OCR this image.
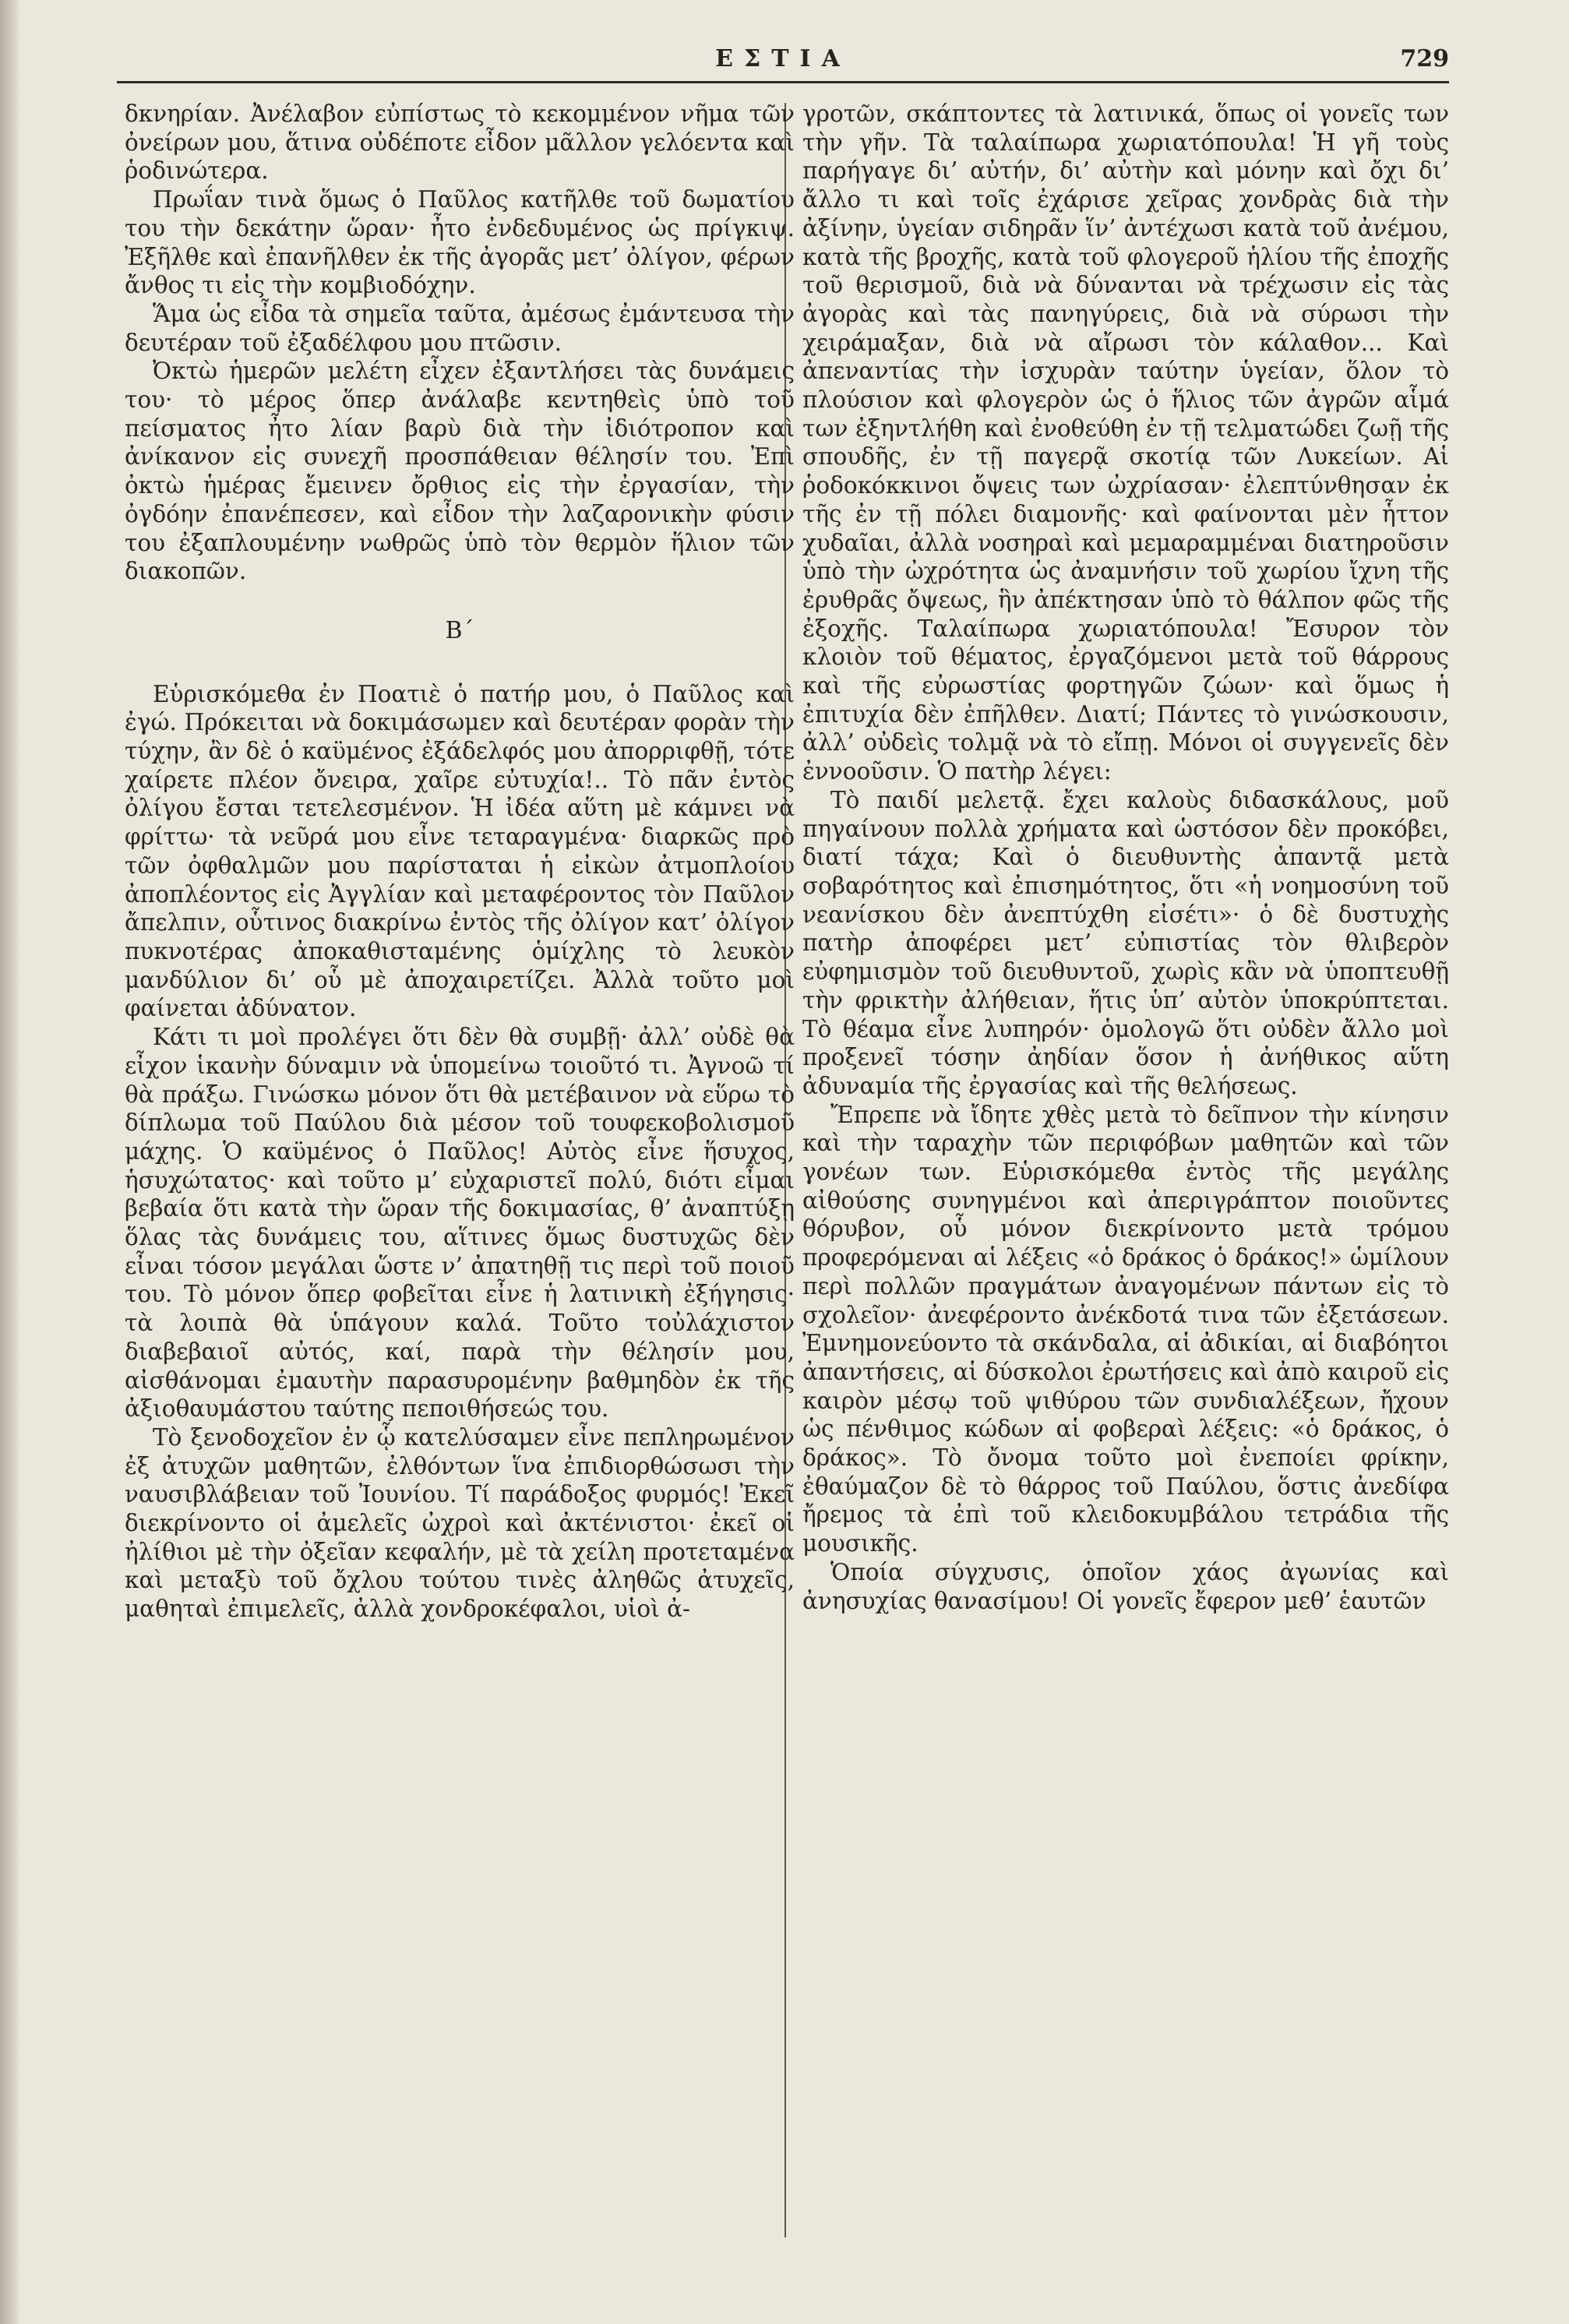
ΕΣΤΙΑ	729

δκνηρίαν. Ἀνέλαβον εὐπίστως τὸ κεκομμένον νῆμα τῶν ὀνείρων μου, ἅτινα οὐδέποτε εἶδον μᾶλλον γελόεντα καὶ ῥοδινώτερα.

Πρωΐαν τινὰ ὅμως ὁ Παῦλος κατῆλθε τοῦ δωματίου του τὴν δεκάτην ὥραν· ἦτο ἐνδεδυμένος ὡς πρίγκιψ. Ἐξῆλθε καὶ ἐπανῆλθεν ἐκ τῆς ἀγορᾶς μετ’ ὀλίγον, φέρων ἄνθος τι εἰς τὴν κομβιοδόχην.

Ἅμα ὡς εἶδα τὰ σημεῖα ταῦτα, ἀμέσως ἐμάντευσα τὴν δευτέραν τοῦ ἐξαδέλφου μου πτῶσιν.

Ὀκτὼ ἡμερῶν μελέτη εἶχεν ἐξαντλήσει τὰς δυνάμεις του· τὸ μέρος ὅπερ ἀνάλαβε κεντηθεὶς ὑπὸ τοῦ πείσματος ἦτο λίαν βαρὺ διὰ τὴν ἰδιότροπον καὶ ἀνίκανον εἰς συνεχῆ προσπάθειαν θέλησίν του. Ἐπὶ ὀκτὼ ἡμέρας ἔμεινεν ὄρθιος εἰς τὴν ἐργασίαν, τὴν ὀγδόην ἐπανέπεσεν, καὶ εἶδον τὴν λαζαρονικὴν φύσιν του ἐξαπλουμένην νωθρῶς ὑπὸ τὸν θερμὸν ἥλιον τῶν διακοπῶν.

Β΄

Εὑρισκόμεθα ἐν Ποατιὲ ὁ πατήρ μου, ὁ Παῦλος καὶ ἐγώ. Πρόκειται νὰ δοκιμάσωμεν καὶ δευτέραν φορὰν τὴν τύχην, ἂν δὲ ὁ καϋμένος ἐξάδελφός μου ἀπορριφθῇ, τότε χαίρετε πλέον ὄνειρα, χαῖρε εὐτυχία!.. Τὸ πᾶν ἐντὸς ὀλίγου ἔσται τετελεσμένον. Ἡ ἰδέα αὕτη μὲ κάμνει νὰ φρίττω· τὰ νεῦρά μου εἶνε τεταραγμένα· διαρκῶς πρὸ τῶν ὀφθαλμῶν μου παρίσταται ἡ εἰκὼν ἀτμοπλοίου ἀποπλέοντος εἰς Ἀγγλίαν καὶ μεταφέροντος τὸν Παῦλον ἄπελπιν, οὗτινος διακρίνω ἐντὸς τῆς ὀλίγον κατ’ ὀλίγον πυκνοτέρας ἀποκαθισταμένης ὁμίχλης τὸ λευκὸν μανδύλιον δι’ οὗ μὲ ἀποχαιρετίζει. Ἀλλὰ τοῦτο μοὶ φαίνεται ἀδύνατον.

Κάτι τι μοὶ προλέγει ὅτι δὲν θὰ συμβῇ· ἀλλ’ οὐδὲ θὰ εἶχον ἱκανὴν δύναμιν νὰ ὑπομείνω τοιοῦτό τι. Ἀγνοῶ τί θὰ πράξω. Γινώσκω μόνον ὅτι θὰ μετέβαινον νὰ εὕρω τὸ δίπλωμα τοῦ Παύλου διὰ μέσον τοῦ τουφεκοβολισμοῦ μάχης. Ὁ καϋμένος ὁ Παῦλος! Αὐτὸς εἶνε ἥσυχος, ἡσυχώτατος· καὶ τοῦτο μ’ εὐχαριστεῖ πολύ, διότι εἶμαι βεβαία ὅτι κατὰ τὴν ὥραν τῆς δοκιμασίας, θ’ ἀναπτύξῃ ὅλας τὰς δυνάμεις του, αἵτινες ὅμως δυστυχῶς δὲν εἶναι τόσον μεγάλαι ὥστε ν’ ἀπατηθῇ τις περὶ τοῦ ποιοῦ του. Τὸ μόνον ὅπερ φοβεῖται εἶνε ἡ λατινικὴ ἐξήγησις· τὰ λοιπὰ θὰ ὑπάγουν καλά. Τοῦτο τοὐλάχιστον διαβεβαιοῖ αὐτός, καί, παρὰ τὴν θέλησίν μου, αἰσθάνομαι ἐμαυτὴν παρασυρομένην βαθμηδὸν ἐκ τῆς ἀξιοθαυμάστου ταύτης πεποιθήσεώς του.

Τὸ ξενοδοχεῖον ἐν ᾧ κατελύσαμεν εἶνε πεπληρωμένον ἐξ ἀτυχῶν μαθητῶν, ἐλθόντων ἵνα ἐπιδιορθώσωσι τὴν ναυσιβλάβειαν τοῦ Ἰουνίου. Τί παράδοξος φυρμός! Ἐκεῖ διεκρίνοντο οἱ ἀμελεῖς ὠχροὶ καὶ ἀκτένιστοι· ἐκεῖ οἱ ἠλίθιοι μὲ τὴν ὀξεῖαν κεφαλήν, μὲ τὰ χείλη προτεταμένα καὶ μεταξὺ τοῦ ὄχλου τούτου τινὲς ἀληθῶς ἀτυχεῖς, μαθηταὶ ἐπιμελεῖς, ἀλλὰ χονδροκέφαλοι, υἱοὶ ἀ-

γροτῶν, σκάπτοντες τὰ λατινικά, ὅπως οἱ γονεῖς των τὴν γῆν. Τὰ ταλαίπωρα χωριατόπουλα! Ἡ γῆ τοὺς παρήγαγε δι’ αὐτήν, δι’ αὐτὴν καὶ μόνην καὶ ὄχι δι’ ἄλλο τι καὶ τοῖς ἐχάρισε χεῖρας χονδρὰς διὰ τὴν ἀξίνην, ὑγείαν σιδηρᾶν ἵν’ ἀντέχωσι κατὰ τοῦ ἀνέμου, κατὰ τῆς βροχῆς, κατὰ τοῦ φλογεροῦ ἡλίου τῆς ἐποχῆς τοῦ θερισμοῦ, διὰ νὰ δύνανται νὰ τρέχωσιν εἰς τὰς ἀγορὰς καὶ τὰς πανηγύρεις, διὰ νὰ σύρωσι τὴν χειράμαξαν, διὰ νὰ αἴρωσι τὸν κάλαθον... Καὶ ἀπεναντίας τὴν ἰσχυρὰν ταύτην ὑγείαν, ὅλον τὸ πλούσιον καὶ φλογερὸν ὡς ὁ ἥλιος τῶν ἀγρῶν αἷμά των ἐξηντλήθη καὶ ἐνοθεύθη ἐν τῇ τελματώδει ζωῇ τῆς σπουδῆς, ἐν τῇ παγερᾷ σκοτίᾳ τῶν Λυκείων. Αἱ ῥοδοκόκκινοι ὄψεις των ὠχρίασαν· ἐλεπτύνθησαν ἐκ τῆς ἐν τῇ πόλει διαμονῆς· καὶ φαίνονται μὲν ἧττον χυδαῖαι, ἀλλὰ νοσηραὶ καὶ μεμαραμμέναι διατηροῦσιν ὑπὸ τὴν ὠχρότητα ὡς ἀναμνήσιν τοῦ χωρίου ἴχνη τῆς ἐρυθρᾶς ὄψεως, ἣν ἀπέκτησαν ὑπὸ τὸ θάλπον φῶς τῆς ἐξοχῆς. Ταλαίπωρα χωριατόπουλα! Ἔσυρον τὸν κλοιὸν τοῦ θέματος, ἐργαζόμενοι μετὰ τοῦ θάρρους καὶ τῆς εὐρωστίας φορτηγῶν ζώων· καὶ ὅμως ἡ ἐπιτυχία δὲν ἐπῆλθεν. Διατί; Πάντες τὸ γινώσκουσιν, ἀλλ’ οὐδεὶς τολμᾷ νὰ τὸ εἴπῃ. Μόνοι οἱ συγγενεῖς δὲν ἐννοοῦσιν. Ὁ πατὴρ λέγει:

Τὸ παιδί μελετᾷ. ἔχει καλοὺς διδασκάλους, μοῦ πηγαίνουν πολλὰ χρήματα καὶ ὡστόσον δὲν προκόβει, διατί τάχα; Καὶ ὁ διευθυντὴς ἀπαντᾷ μετὰ σοβαρότητος καὶ ἐπισημότητος, ὅτι «ἡ νοημοσύνη τοῦ νεανίσκου δὲν ἀνεπτύχθη εἰσέτι»· ὁ δὲ δυστυχὴς πατὴρ ἀποφέρει μετ’ εὐπιστίας τὸν θλιβερὸν εὐφημισμὸν τοῦ διευθυντοῦ, χωρὶς κἂν νὰ ὑποπτευθῇ τὴν φρικτὴν ἀλήθειαν, ἥτις ὑπ’ αὐτὸν ὑποκρύπτεται. Τὸ θέαμα εἶνε λυπηρόν· ὁμολογῶ ὅτι οὐδὲν ἄλλο μοὶ προξενεῖ τόσην ἀηδίαν ὅσον ἡ ἀνήθικος αὕτη ἀδυναμία τῆς ἐργασίας καὶ τῆς θελήσεως.

Ἔπρεπε νὰ ἴδητε χθὲς μετὰ τὸ δεῖπνον τὴν κίνησιν καὶ τὴν ταραχὴν τῶν περιφόβων μαθητῶν καὶ τῶν γονέων των. Εὑρισκόμεθα ἐντὸς τῆς μεγάλης αἰθούσης συνηγμένοι καὶ ἀπεριγράπτον ποιοῦντες θόρυβον, οὗ μόνον διεκρίνοντο μετὰ τρόμου προφερόμεναι αἱ λέξεις «ὁ δράκος ὁ δράκος!» ὡμίλουν περὶ πολλῶν πραγμάτων ἀναγομένων πάντων εἰς τὸ σχολεῖον· ἀνεφέροντο ἀνέκδοτά τινα τῶν ἐξετάσεων. Ἐμνημονεύοντο τὰ σκάνδαλα, αἱ ἀδικίαι, αἱ διαβόητοι ἀπαντήσεις, αἱ δύσκολοι ἐρωτήσεις καὶ ἀπὸ καιροῦ εἰς καιρὸν μέσῳ τοῦ ψιθύρου τῶν συνδιαλέξεων, ἤχουν ὡς πένθιμος κώδων αἱ φοβεραὶ λέξεις: «ὁ δράκος, ὁ δράκος». Τὸ ὄνομα τοῦτο μοὶ ἐνεποίει φρίκην, ἐθαύμαζον δὲ τὸ θάρρος τοῦ Παύλου, ὅστις ἀνεδίφα ἤρεμος τὰ ἐπὶ τοῦ κλειδοκυμβάλου τετράδια τῆς μουσικῆς.

Ὁποία σύγχυσις, ὁποῖον χάος ἀγωνίας καὶ ἀνησυχίας θανασίμου! Οἱ γονεῖς ἔφερον μεθ’ ἑαυτῶν
